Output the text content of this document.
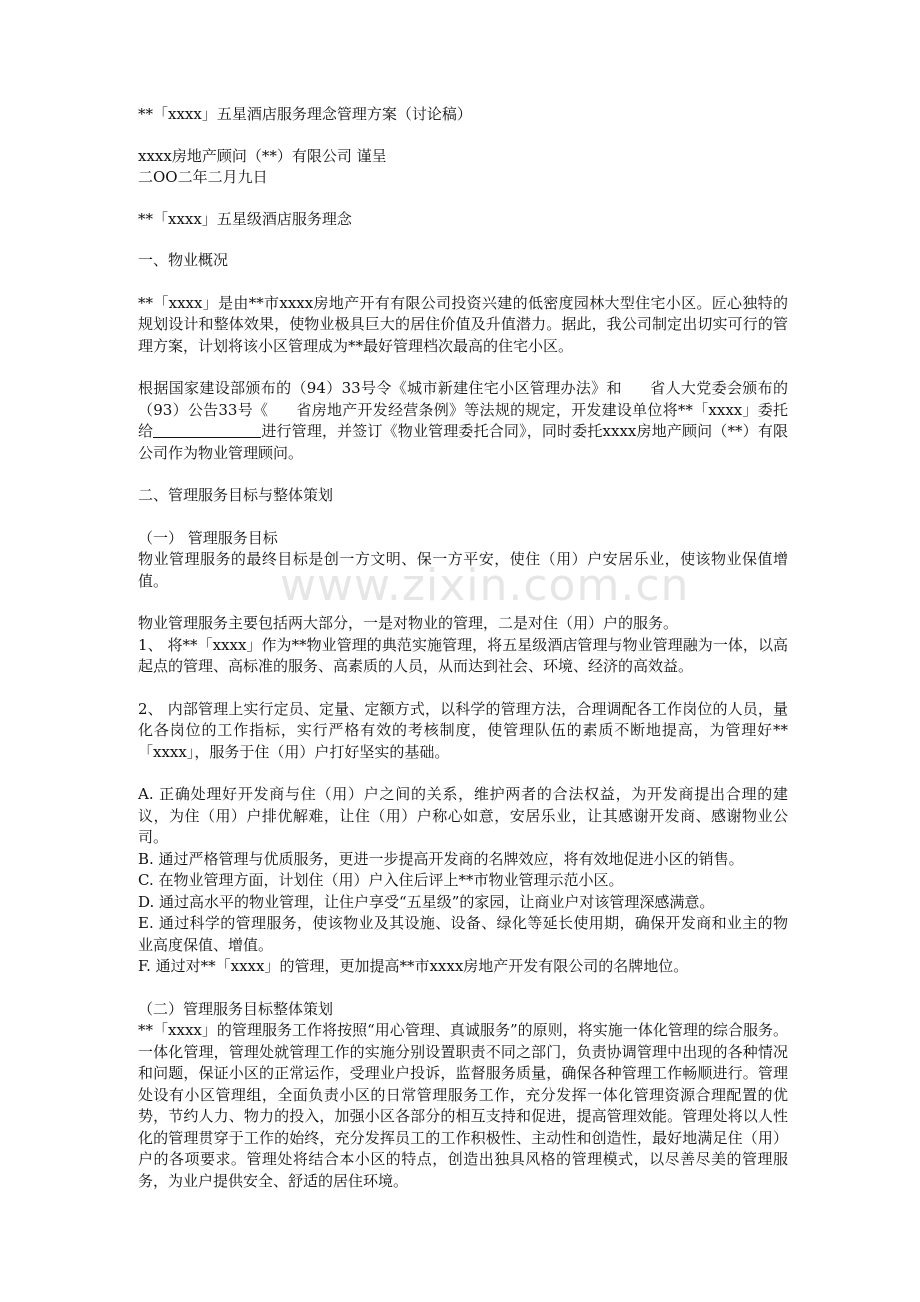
www.zixin.com.cn

**「xxxx」五星酒店服务理念管理方案（讨论稿）

xxxx房地产顾问（**）有限公司 谨呈

二OO二年二月九日

**「xxxx」五星级酒店服务理念

一、物业概况

**「xxxx」是由**市xxxx房地产开有有限公司投资兴建的低密度园林大型住宅小区。匠心独特的规划设计和整体效果，使物业极具巨大的居住价值及升值潜力。据此，我公司制定出切实可行的管理方案，计划将该小区管理成为**最好管理档次最高的住宅小区。

根据国家建设部颁布的（94）33号令《城市新建住宅小区管理办法》和 省人大党委会颁布的（93）公告33号《 省房地产开发经营条例》等法规的规定，开发建设单位将**「xxxx」委托给	进行管理，并签订《物业管理委托合同》，同时委托xxxx房地产顾问（**）有限公司作为物业管理顾问。

二、管理服务目标与整体策划

（一） 管理服务目标

物业管理服务的最终目标是创一方文明、保一方平安，使住（用）户安居乐业，使该物业保值增值。

物业管理服务主要包括两大部分，一是对物业的管理，二是对住（用）户的服务。

1、 将**「xxxx」作为**物业管理的典范实施管理，将五星级酒店管理与物业管理融为一体，以高起点的管理、高标准的服务、高素质的人员，从而达到社会、环境、经济的高效益。

2、 内部管理上实行定员、定量、定额方式，以科学的管理方法，合理调配各工作岗位的人员，量化各岗位的工作指标，实行严格有效的考核制度，使管理队伍的素质不断地提高，为管理好**「xxxx」，服务于住（用）户打好坚实的基础。

A. 正确处理好开发商与住（用）户之间的关系，维护两者的合法权益，为开发商提出合理的建议，为住（用）户排优解难，让住（用）户称心如意，安居乐业，让其感谢开发商、感谢物业公司。

B. 通过严格管理与优质服务，更进一步提高开发商的名牌效应，将有效地促进小区的销售。

C. 在物业管理方面，计划住（用）户入住后评上**市物业管理示范小区。

D. 通过高水平的物业管理，让住户享受“五星级”的家园，让商业户对该管理深感满意。

E. 通过科学的管理服务，使该物业及其设施、设备、绿化等延长使用期，确保开发商和业主的物业高度保值、增值。

F. 通过对**「xxxx」的管理，更加提高**市xxxx房地产开发有限公司的名牌地位。

（二）管理服务目标整体策划

**「xxxx」的管理服务工作将按照“用心管理、真诚服务”的原则，将实施一体化管理的综合服务。一体化管理，管理处就管理工作的实施分别设置职责不同之部门，负责协调管理中出现的各种情况和问题，保证小区的正常运作，受理业户投诉，监督服务质量，确保各种管理工作畅顺进行。管理处设有小区管理组，全面负责小区的日常管理服务工作，充分发挥一体化管理资源合理配置的优势，节约人力、物力的投入，加强小区各部分的相互支持和促进，提高管理效能。管理处将以人性化的管理贯穿于工作的始终，充分发挥员工的工作积极性、主动性和创造性，最好地满足住（用）户的各项要求。管理处将结合本小区的特点，创造出独具风格的管理模式，以尽善尽美的管理服务，为业户提供安全、舒适的居住环境。
